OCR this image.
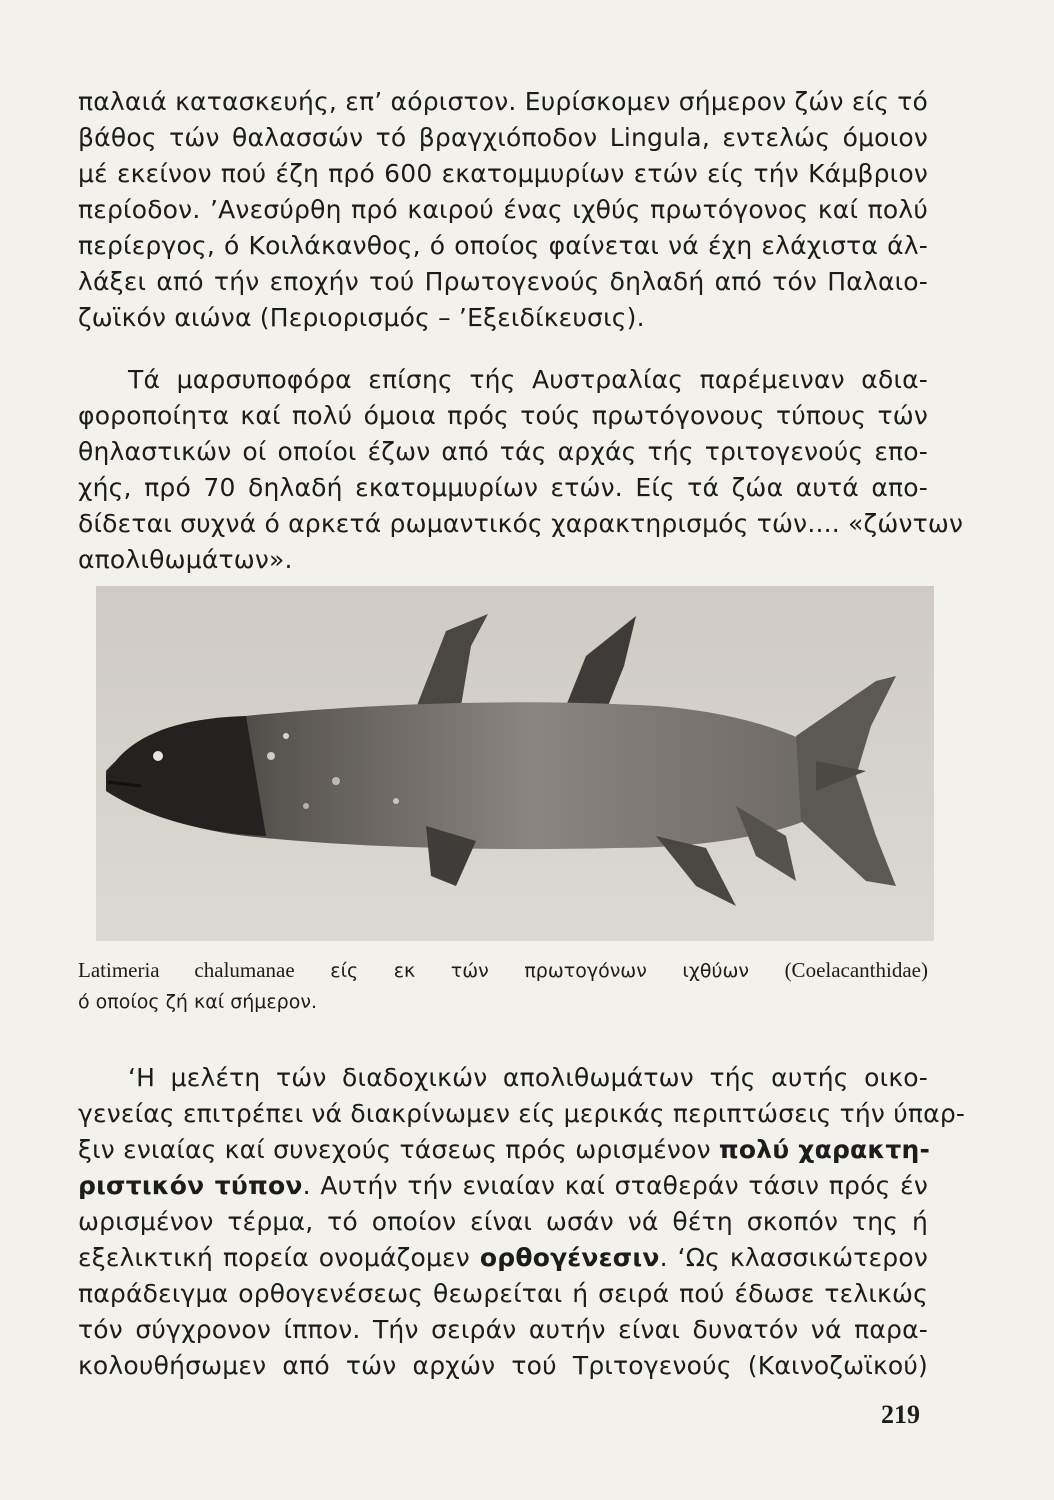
παλαιά κατασκευής, επ’ αόριστον. Ευρίσκομεν σήμερον ζών είς τό
βάθος τών θαλασσών τό βραγχιόποδον Lingula, εντελώς όμοιον
μέ εκείνον πού έζη πρό 600 εκατομμυρίων ετών είς τήν Κάμβριον
περίοδον. ’Ανεσύρθη πρό καιρού ένας ιχθύς πρωτόγονος καί πολύ
περίεργος, ό Κοιλάκανθος, ό οποίος φαίνεται νά έχη ελάχιστα άλ-
λάξει από τήν εποχήν τού Πρωτογενούς δηλαδή από τόν Παλαιο-
ζωϊκόν αιώνα (Περιορισμός – ’Εξειδίκευσις).
Τά μαρσυποφόρα επίσης τής Αυστραλίας παρέμειναν αδια-
φοροποίητα καί πολύ όμοια πρός τούς πρωτόγονους τύπους τών
θηλαστικών οί οποίοι έζων από τάς αρχάς τής τριτογενούς επο-
χής, πρό 70 δηλαδή εκατομμυρίων ετών. Είς τά ζώα αυτά απο-
δίδεται συχνά ό αρκετά ρωμαντικός χαρακτηρισμός τών.... «ζώντων
απολιθωμάτων».
Latimeria chalumanae είς εκ τών πρωτογόνων ιχθύων (Coelacanthidae)
ό οποίος ζή καί σήμερον.
‘Η μελέτη τών διαδοχικών απολιθωμάτων τής αυτής οικο-
γενείας επιτρέπει νά διακρίνωμεν είς μερικάς περιπτώσεις τήν ύπαρ-
ξιν ενιαίας καί συνεχούς τάσεως πρός ωρισμένον πολύ χαρακτη-
ριστικόν τύπον. Αυτήν τήν ενιαίαν καί σταθεράν τάσιν πρός έν
ωρισμένον τέρμα, τό οποίον είναι ωσάν νά θέτη σκοπόν της ή
εξελικτική πορεία ονομάζομεν ορθογένεσιν. ‘Ως κλασσικώτερον
παράδειγμα ορθογενέσεως θεωρείται ή σειρά πού έδωσε τελικώς
τόν σύγχρονον ίππον. Τήν σειράν αυτήν είναι δυνατόν νά παρα-
κολουθήσωμεν από τών αρχών τού Τριτογενούς (Καινοζωϊκού)
219
